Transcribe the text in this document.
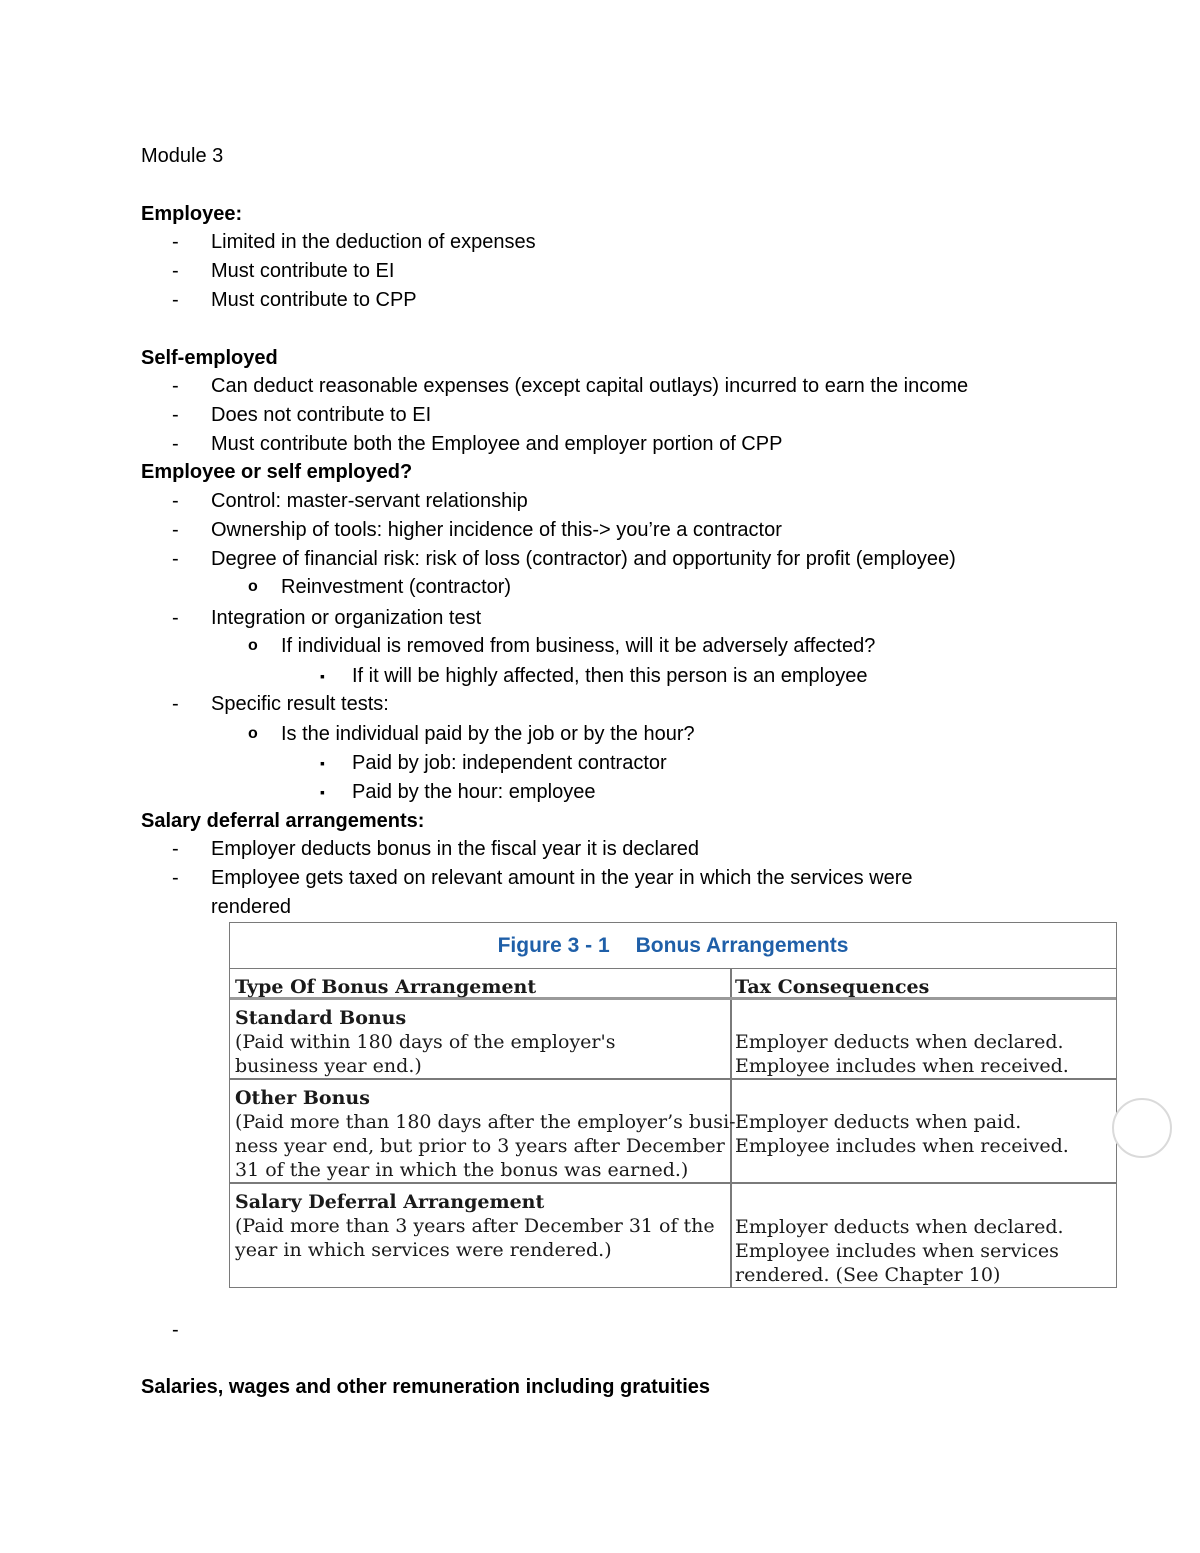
Module 3
Employee:
- Limited in the deduction of expenses
- Must contribute to EI
- Must contribute to CPP
Self-employed
- Can deduct reasonable expenses (except capital outlays) incurred to earn the income
- Does not contribute to EI
- Must contribute both the Employee and employer portion of CPP
Employee or self employed?
- Control: master-servant relationship
- Ownership of tools: higher incidence of this-> you’re a contractor
- Degree of financial risk: risk of loss (contractor) and opportunity for profit (employee)
o Reinvestment (contractor)
- Integration or organization test
o If individual is removed from business, will it be adversely affected?
▪ If it will be highly affected, then this person is an employee
- Specific result tests:
o Is the individual paid by the job or by the hour?
▪ Paid by job: independent contractor
▪ Paid by the hour: employee
Salary deferral arrangements:
- Employer deducts bonus in the fiscal year it is declared
- Employee gets taxed on relevant amount in the year in which the services were
rendered
Figure 3 - 1 Bonus Arrangements
Type Of Bonus Arrangement	Tax Consequences
Standard Bonus
(Paid within 180 days of the employer's
business year end.)
Employer deducts when declared.
Employee includes when received.
Other Bonus
(Paid more than 180 days after the employer’s busi-
ness year end, but prior to 3 years after December
31 of the year in which the bonus was earned.)
Employer deducts when paid.
Employee includes when received.
Salary Deferral Arrangement
(Paid more than 3 years after December 31 of the
year in which services were rendered.)
Employer deducts when declared.
Employee includes when services
rendered. (See Chapter 10)
-
Salaries, wages and other remuneration including gratuities
